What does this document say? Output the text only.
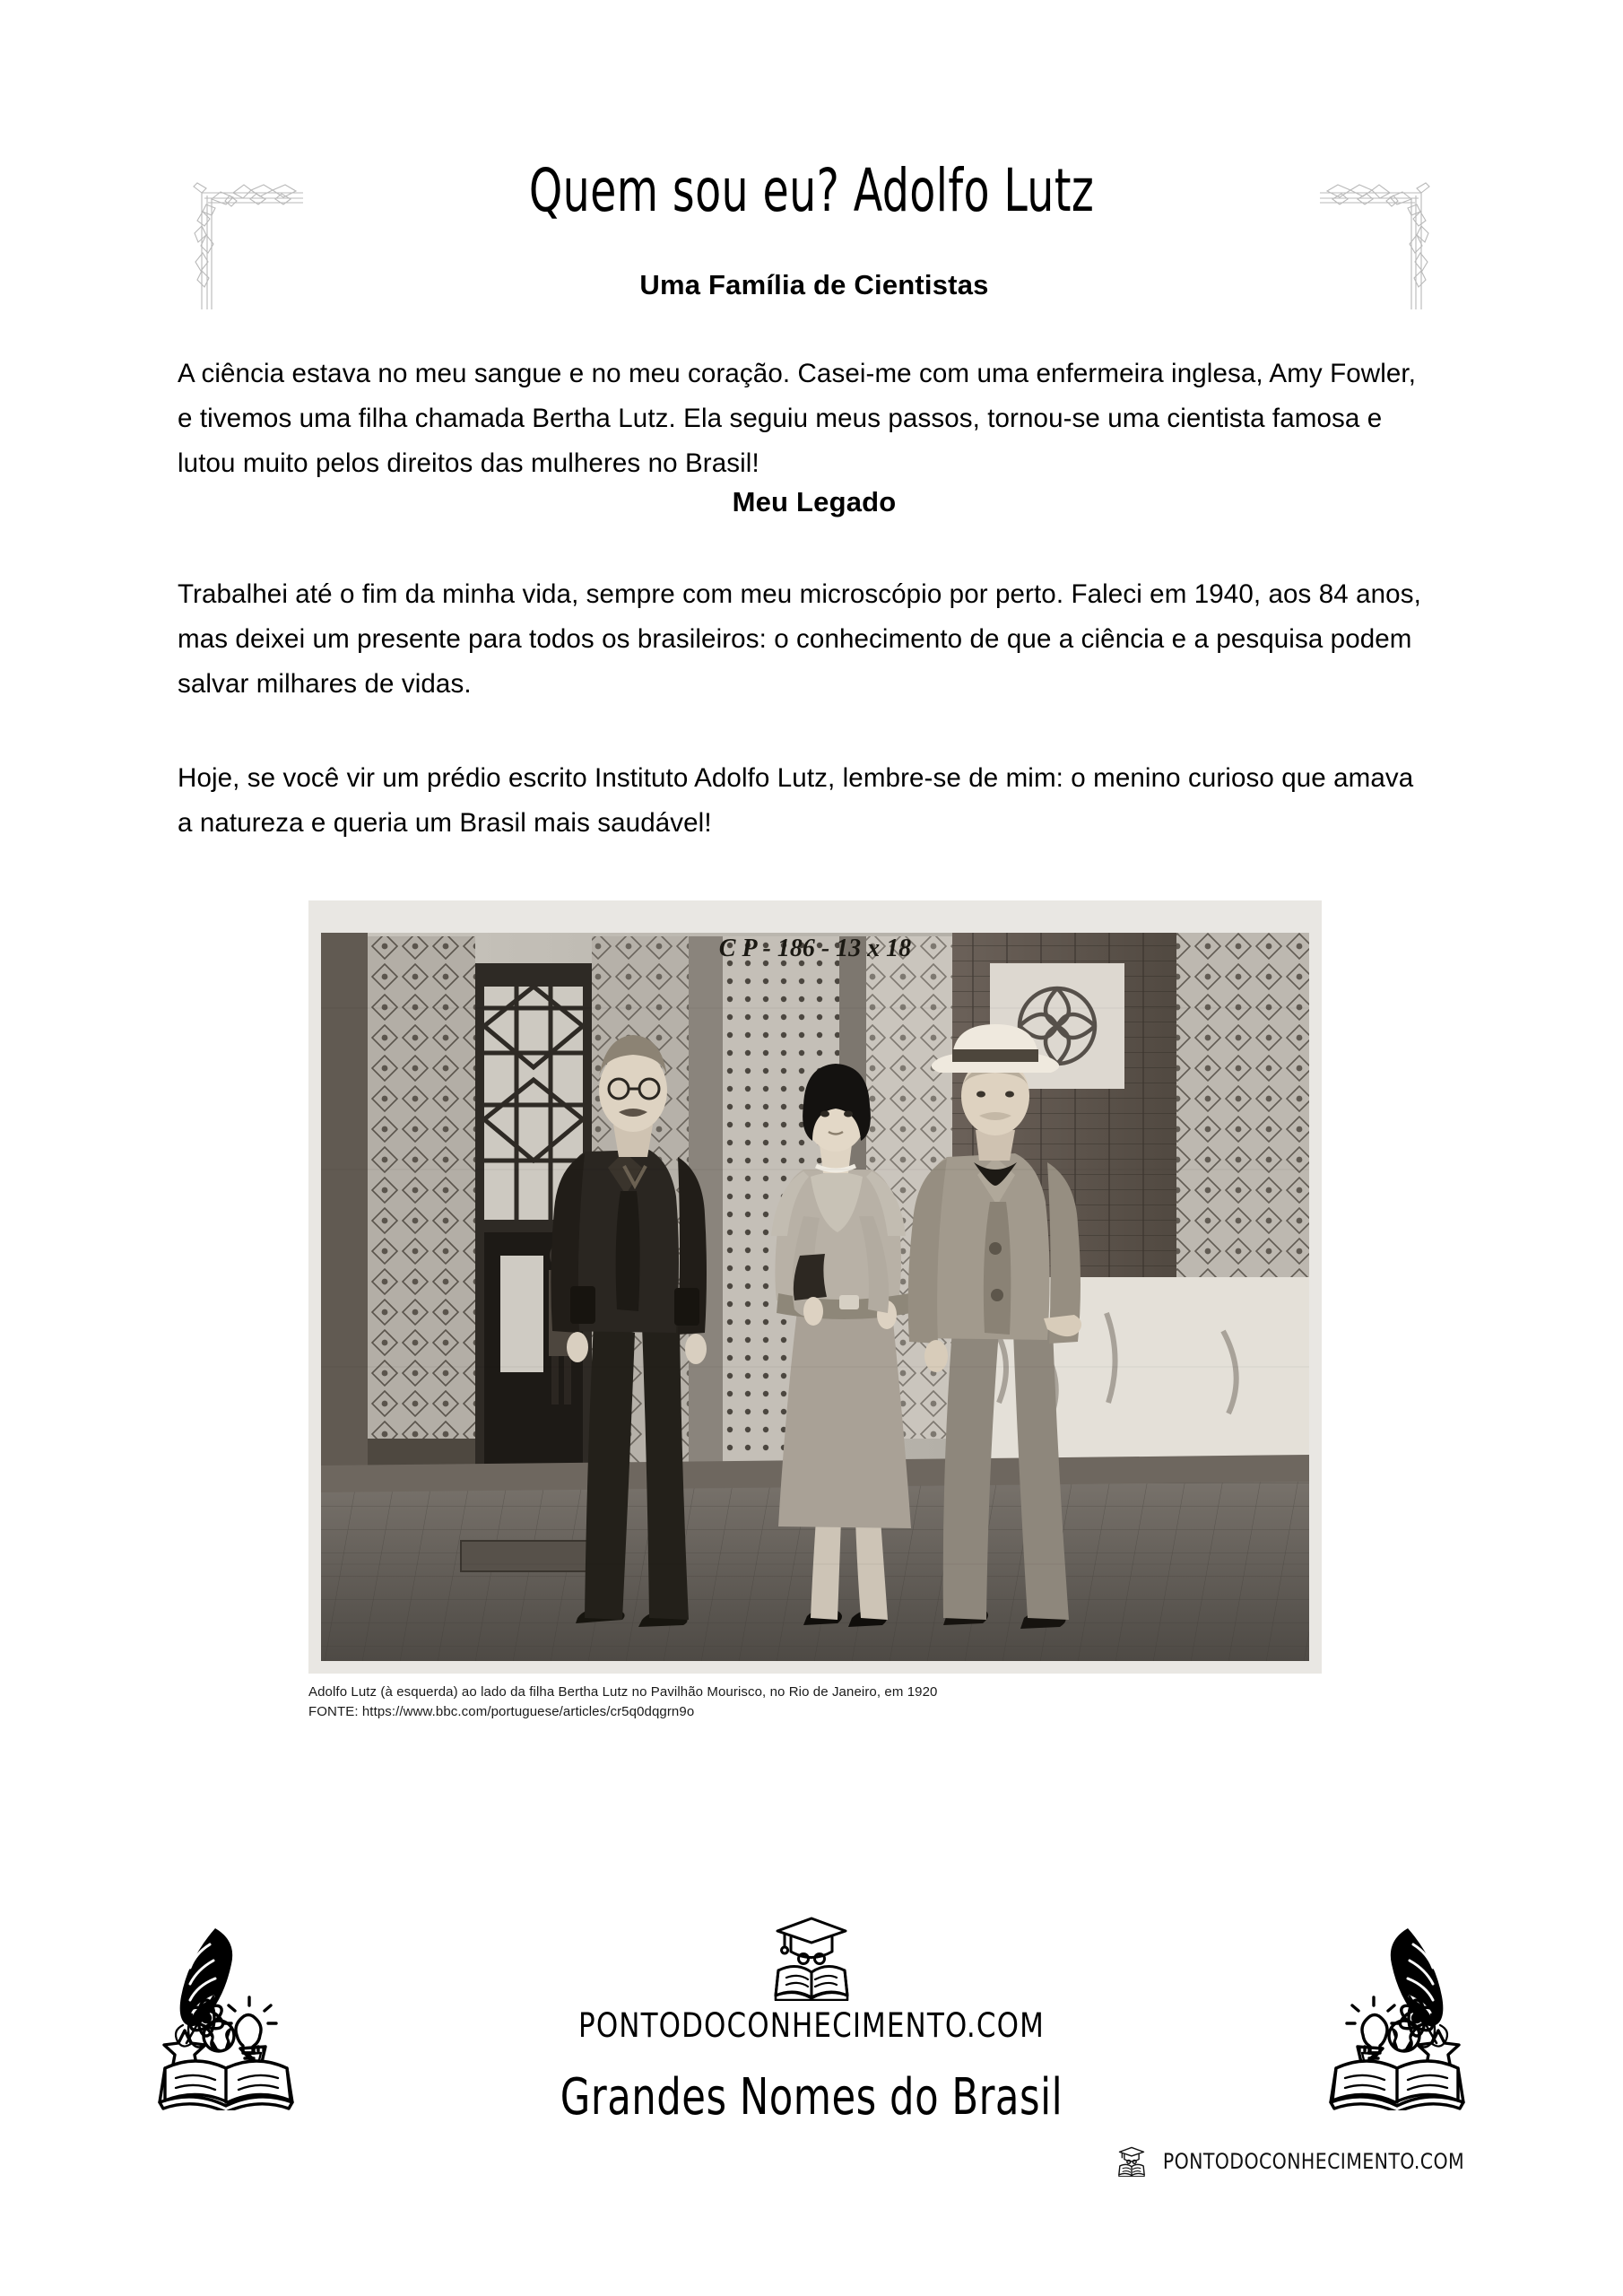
Quem sou eu? Adolfo Lutz
Uma Família de Cientistas

A ciência estava no meu sangue e no meu coração. Casei-me com uma enfermeira inglesa, Amy Fowler, e tivemos uma filha chamada Bertha Lutz. Ela seguiu meus passos, tornou-se uma cientista famosa e lutou muito pelos direitos das mulheres no Brasil!

Meu Legado

Trabalhei até o fim da minha vida, sempre com meu microscópio por perto. Faleci em 1940, aos 84 anos, mas deixei um presente para todos os brasileiros: o conhecimento de que a ciência e a pesquisa podem salvar milhares de vidas.

Hoje, se você vir um prédio escrito Instituto Adolfo Lutz, lembre-se de mim: o menino curioso que amava a natureza e queria um Brasil mais saudável!

C P - 186 - 13 x 18
Adolfo Lutz (à esquerda) ao lado da filha Bertha Lutz no Pavilhão Mourisco, no Rio de Janeiro, em 1920
FONTE: https://www.bbc.com/portuguese/articles/cr5q0dqgrn9o
PONTODOCONHECIMENTO.COM
Grandes Nomes do Brasil
PONTODOCONHECIMENTO.COM
